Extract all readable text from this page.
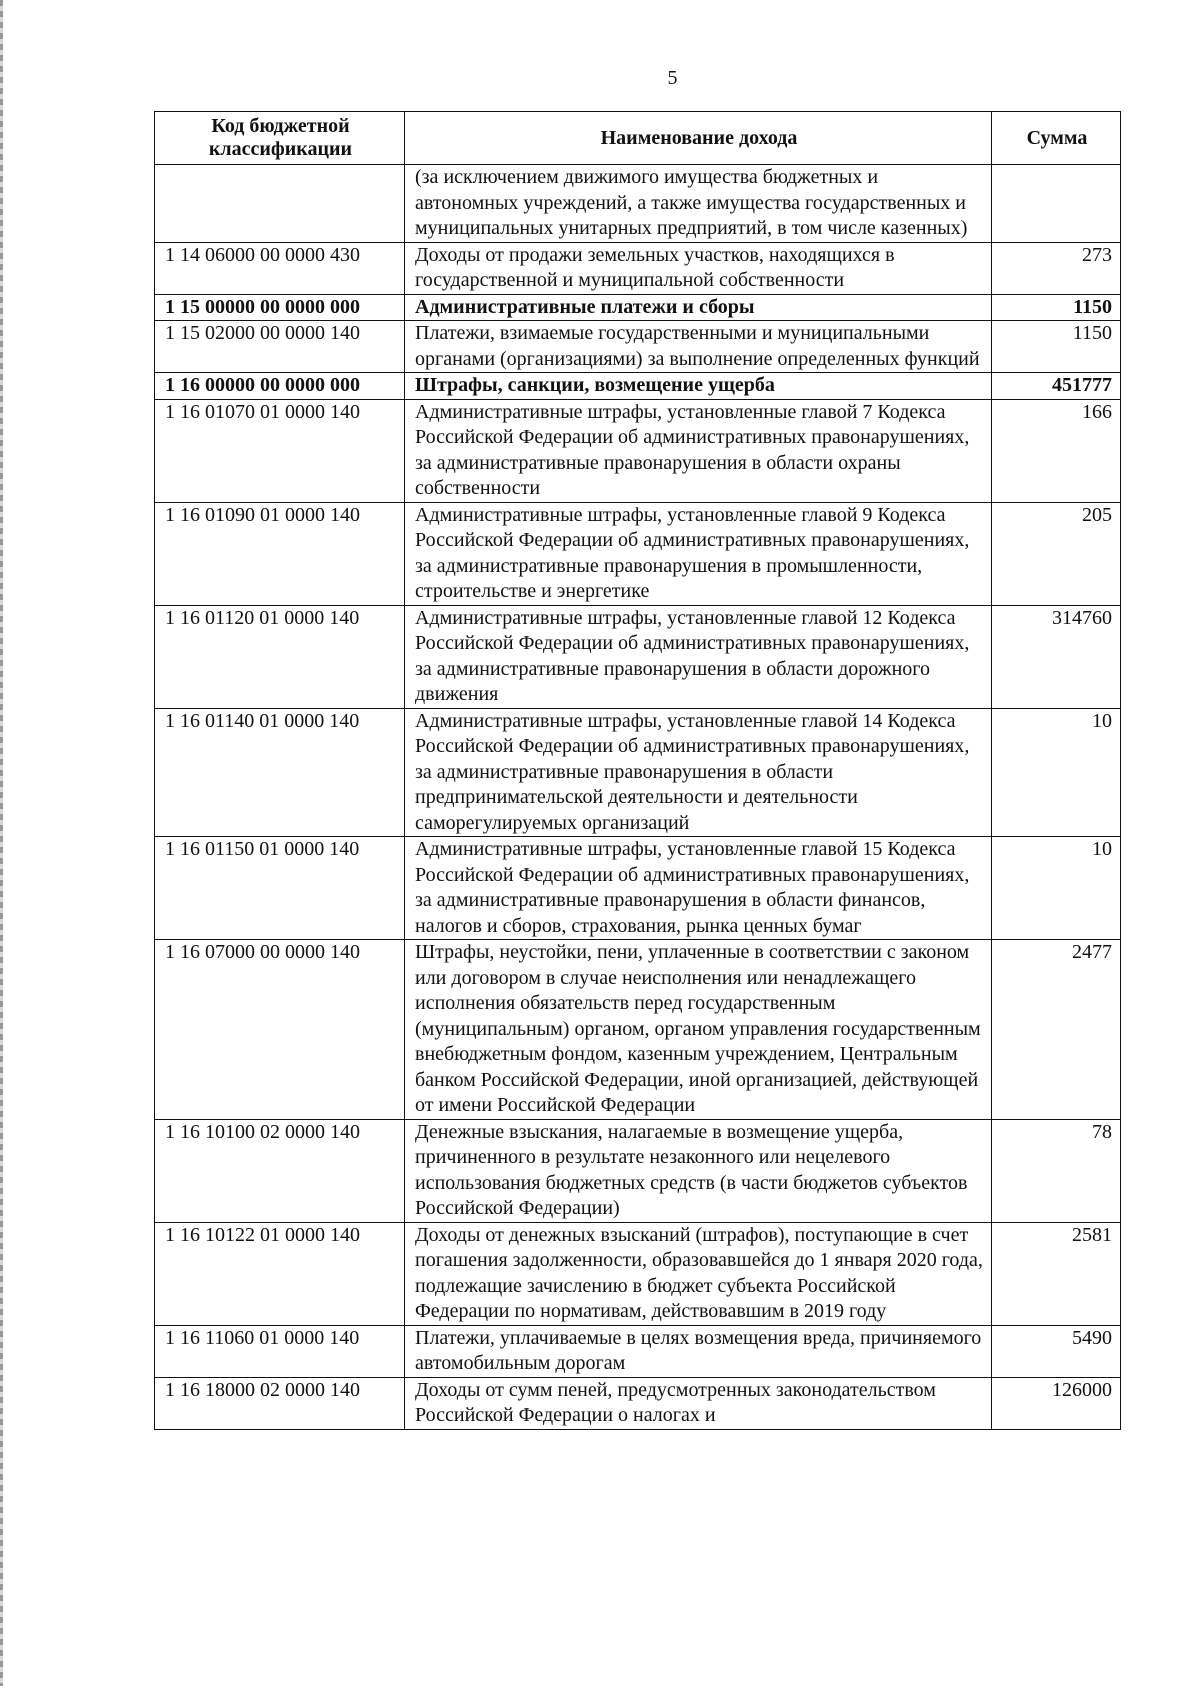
5
Код бюджетной классификации	Наименование дохода	Сумма
	(за исключением движимого имущества бюджетных и автономных учреждений, а также имущества государственных и муниципальных унитарных предприятий, в том числе казенных)	
1 14 06000 00 0000 430	Доходы от продажи земельных участков, находящихся в государственной и муниципальной собственности	273
1 15 00000 00 0000 000	Административные платежи и сборы	1150
1 15 02000 00 0000 140	Платежи, взимаемые государственными и муниципальными органами (организациями) за выполнение определенных функций	1150
1 16 00000 00 0000 000	Штрафы, санкции, возмещение ущерба	451777
1 16 01070 01 0000 140	Административные штрафы, установленные главой 7 Кодекса Российской Федерации об административных правонарушениях, за административные правонарушения в области охраны собственности	166
1 16 01090 01 0000 140	Административные штрафы, установленные главой 9 Кодекса Российской Федерации об административных правонарушениях, за административные правонарушения в промышленности, строительстве и энергетике	205
1 16 01120 01 0000 140	Административные штрафы, установленные главой 12 Кодекса Российской Федерации об административных правонарушениях, за административные правонарушения в области дорожного движения	314760
1 16 01140 01 0000 140	Административные штрафы, установленные главой 14 Кодекса Российской Федерации об административных правонарушениях, за административные правонарушения в области предпринимательской деятельности и деятельности саморегулируемых организаций	10
1 16 01150 01 0000 140	Административные штрафы, установленные главой 15 Кодекса Российской Федерации об административных правонарушениях, за административные правонарушения в области финансов, налогов и сборов, страхования, рынка ценных бумаг	10
1 16 07000 00 0000 140	Штрафы, неустойки, пени, уплаченные в соответствии с законом или договором в случае неисполнения или ненадлежащего исполнения обязательств перед государственным (муниципальным) органом, органом управления государственным внебюджетным фондом, казенным учреждением, Центральным банком Российской Федерации, иной организацией, действующей от имени Российской Федерации	2477
1 16 10100 02 0000 140	Денежные взыскания, налагаемые в возмещение ущерба, причиненного в результате незаконного или нецелевого использования бюджетных средств (в части бюджетов субъектов Российской Федерации)	78
1 16 10122 01 0000 140	Доходы от денежных взысканий (штрафов), поступающие в счет погашения задолженности, образовавшейся до 1 января 2020 года, подлежащие зачислению в бюджет субъекта Российской Федерации по нормативам, действовавшим в 2019 году	2581
1 16 11060 01 0000 140	Платежи, уплачиваемые в целях возмещения вреда, причиняемого автомобильным дорогам	5490
1 16 18000 02 0000 140	Доходы от сумм пеней, предусмотренных законодательством Российской Федерации о налогах и	126000
